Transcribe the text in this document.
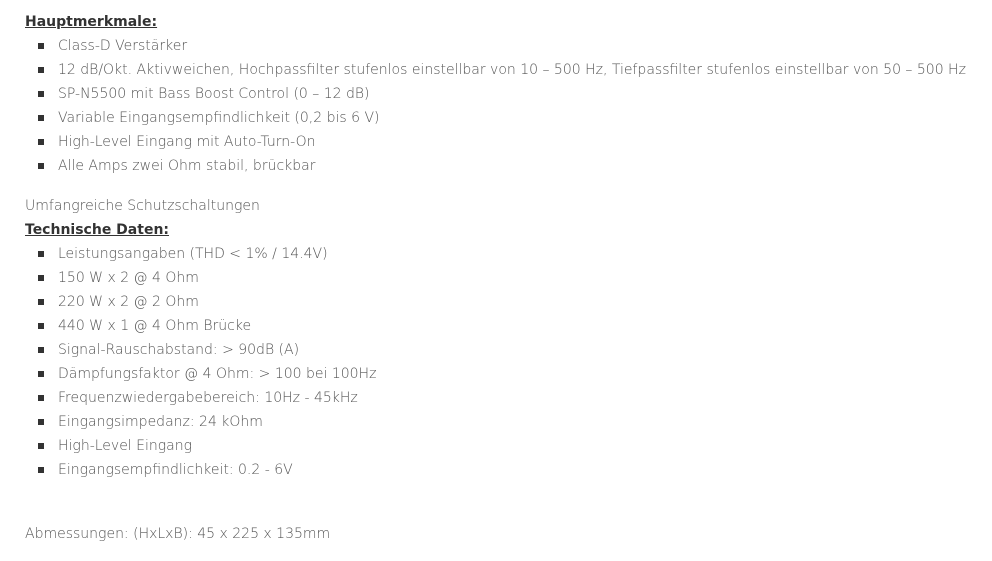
Hauptmerkmale:

Class-D Verstärker
12 dB/Okt. Aktivweichen, Hochpassfilter stufenlos einstellbar von 10 – 500 Hz, Tiefpassfilter stufenlos einstellbar von 50 – 500 Hz
SP-N5500 mit Bass Boost Control (0 – 12 dB)
Variable Eingangsempfindlichkeit (0,2 bis 6 V)
High-Level Eingang mit Auto-Turn-On
Alle Amps zwei Ohm stabil, brückbar

Umfangreiche Schutzschaltungen

Technische Daten:

Leistungsangaben (THD < 1% / 14.4V)
150 W x 2 @ 4 Ohm
220 W x 2 @ 2 Ohm
440 W x 1 @ 4 Ohm Brücke
Signal-Rauschabstand: > 90dB (A)
Dämpfungsfaktor @ 4 Ohm: > 100 bei 100Hz
Frequenzwiedergabebereich: 10Hz - 45kHz
Eingangsimpedanz: 24 kOhm
High-Level Eingang
Eingangsempfindlichkeit: 0.2 - 6V

Abmessungen: (HxLxB): 45 x 225 x 135mm
